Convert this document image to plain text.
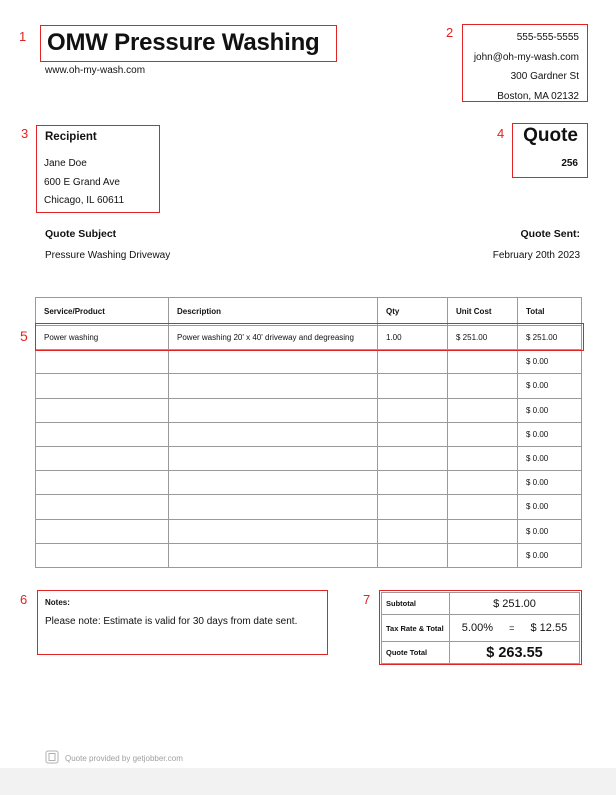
OMW Pressure Washing
www.oh-my-wash.com
555-555-5555
john@oh-my-wash.com
300 Gardner St
Boston, MA 02132
Recipient
Jane Doe
600 E Grand Ave
Chicago, IL 60611
Quote
256
Quote Subject
Pressure Washing Driveway
Quote Sent:
February 20th 2023
Service/Product	Description	Qty	Unit Cost	Total
Power washing	Power washing 20' x 40' driveway and degreasing	1.00	$ 251.00	$ 251.00
				$ 0.00
				$ 0.00
				$ 0.00
				$ 0.00
				$ 0.00
				$ 0.00
				$ 0.00
				$ 0.00
				$ 0.00
Notes:
Please note: Estimate is valid for 30 days from date sent.
Subtotal	$ 251.00
Tax Rate & Total	5.00% = $ 12.55
Quote Total	$ 263.55
Quote provided by getjobber.com
1	2
3	4
5
6	7
